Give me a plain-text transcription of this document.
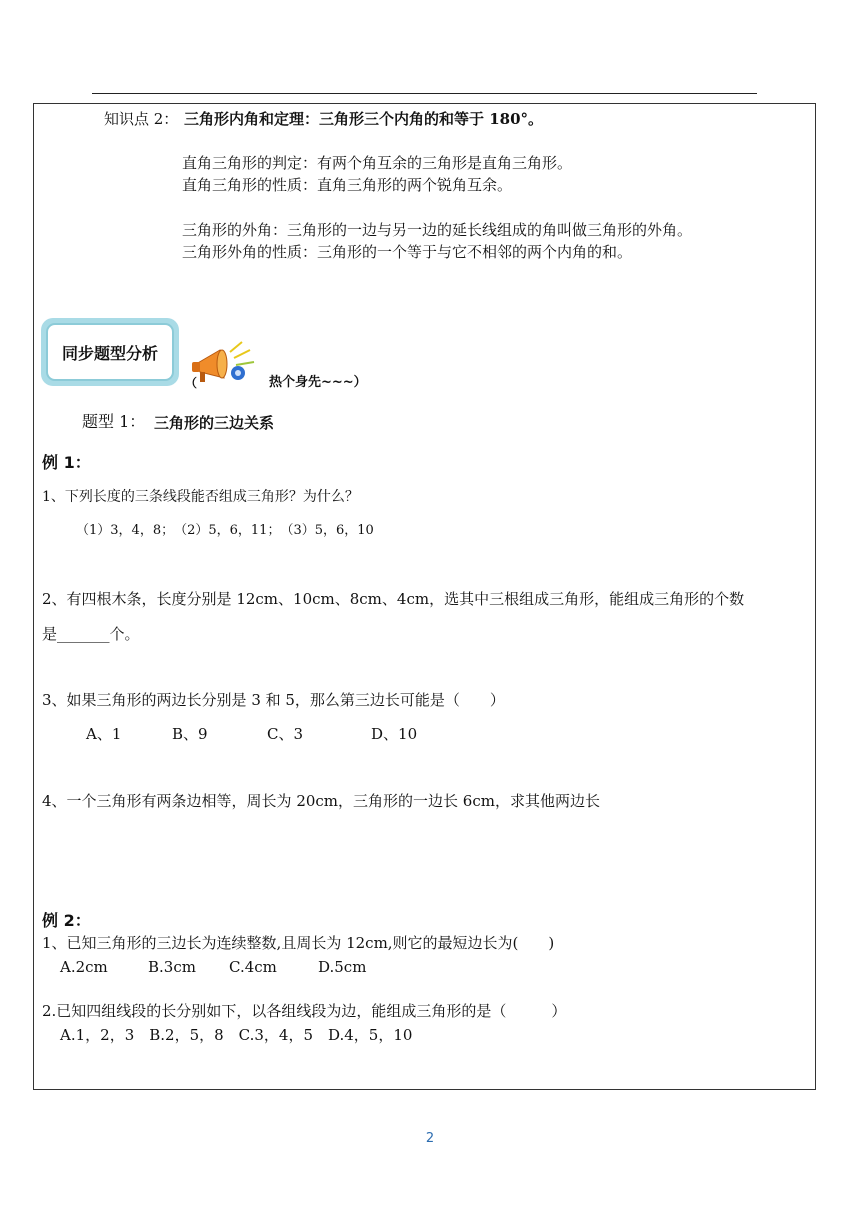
知识点 2： 三角形内角和定理：三角形三个内角的和等于 180°。
直角三角形的判定：有两个角互余的三角形是直角三角形。
直角三角形的性质：直角三角形的两个锐角互余。
三角形的外角：三角形的一边与另一边的延长线组成的角叫做三角形的外角。
三角形外角的性质：三角形的一个等于与它不相邻的两个内角的和。
同步题型分析
（	热个身先~~~）
题型 1： 三角形的三边关系
例 1：
1、下列长度的三条线段能否组成三角形？为什么？
（1）3，4，8；　（2）5，6，11；　（3）5，6，10
2、有四根木条，长度分别是 12cm、10cm、8cm、4cm，选其中三根组成三角形，能组成三角形的个数
是_______个。
3、如果三角形的两边长分别是 3 和 5，那么第三边长可能是（　　）
A、1	B、9	C、3	D、10
4、一个三角形有两条边相等，周长为 20cm，三角形的一边长 6cm，求其他两边长
例 2：
1、已知三角形的三边长为连续整数,且周长为 12cm,则它的最短边长为(　　)
A.2cm	B.3cm C.4cm	D.5cm
2.已知四组线段的长分别如下，以各组线段为边，能组成三角形的是（　　　）
A.1，2，3　B.2，5，8　C.3，4，5　D.4，5，10
2
